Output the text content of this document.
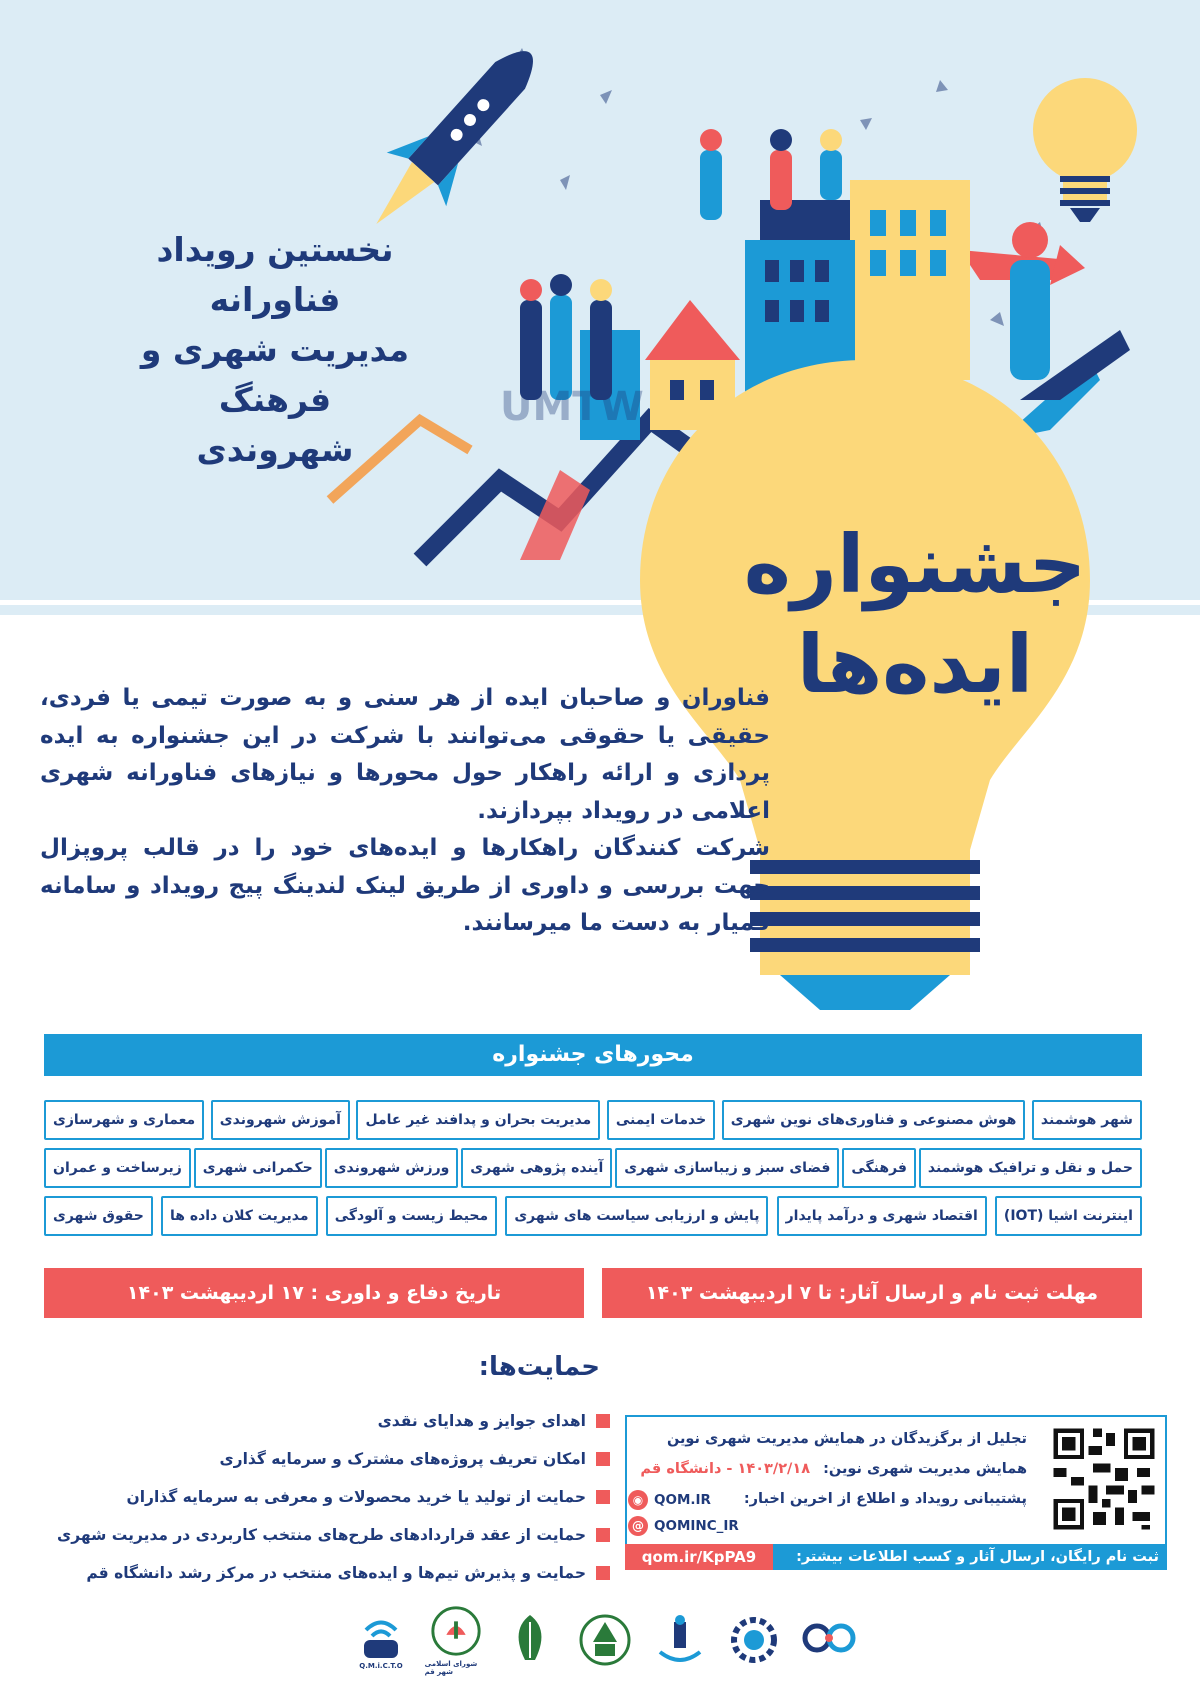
UMTW
نخستین رویداد فناورانه
مدیریت شهری و فرهنگ
شهروندی
جشنواره
ایده‌ها

فناوران و صاحبان ایده از هر سنی و به صورت تیمی یا فردی، حقیقی یا حقوقی می‌توانند با شرکت در این جشنواره به ایده پردازی و ارائه راهکار حول محورها و نیازهای فناورانه شهری اعلامی در رویداد بپردازند.

شرکت کنندگان راهکارها و ایده‌های خود را در قالب پروپزال جهت بررسی و داوری از طریق لینک لندینگ پیج رویداد و سامانه قمیار به دست ما میرسانند.

محورهای جشنواره
شهر هوشمند
هوش مصنوعی و فناوری‌های نوین شهری
خدمات ایمنی
مدیریت بحران و پدافند غیر عامل
آموزش شهروندی
معماری و شهرسازی
حمل و نقل و ترافیک هوشمند
فرهنگی
فضای سبز و زیباسازی شهری
آینده پژوهی شهری
ورزش شهروندی
حکمرانی شهری
زیرساخت و عمران
اینترنت اشیا (IOT)
اقتصاد شهری و درآمد پایدار
پایش و ارزیابی سیاست های شهری
محیط زیست و آلودگی
مدیریت کلان داده ها
حقوق شهری
مهلت ثبت نام و ارسال آثار: تا ۷ اردیبهشت ۱۴۰۳
تاریخ دفاع و داوری : ۱۷ اردیبهشت ۱۴۰۳
حمایت‌ها:
اهدای جوایز و هدایای نقدی
امکان تعریف پروژه‌های مشترک و سرمایه گذاری
حمایت از تولید یا خرید محصولات و معرفی به سرمایه گذاران
حمایت از عقد قراردادهای طرح‌های منتخب کاربردی در مدیریت شهری
حمایت و پذیرش تیم‌ها و ایده‌های منتخب در مرکز رشد دانشگاه قم
تجلیل از برگزیدگان در همایش مدیریت شهری نوین
همایش مدیریت شهری نوین: ۱۴۰۳/۲/۱۸ - دانشگاه قم
پشتیبانی رویداد و اطلاع از اخرین اخبار:
◉ QOM.IR
@ QOMINC_IR
ثبت نام رایگان، ارسال آثار و کسب اطلاعات بیشتر:
qom.ir/KpPA9
Q.M.i.C.T.O	شورای اسلامی شهر قم
